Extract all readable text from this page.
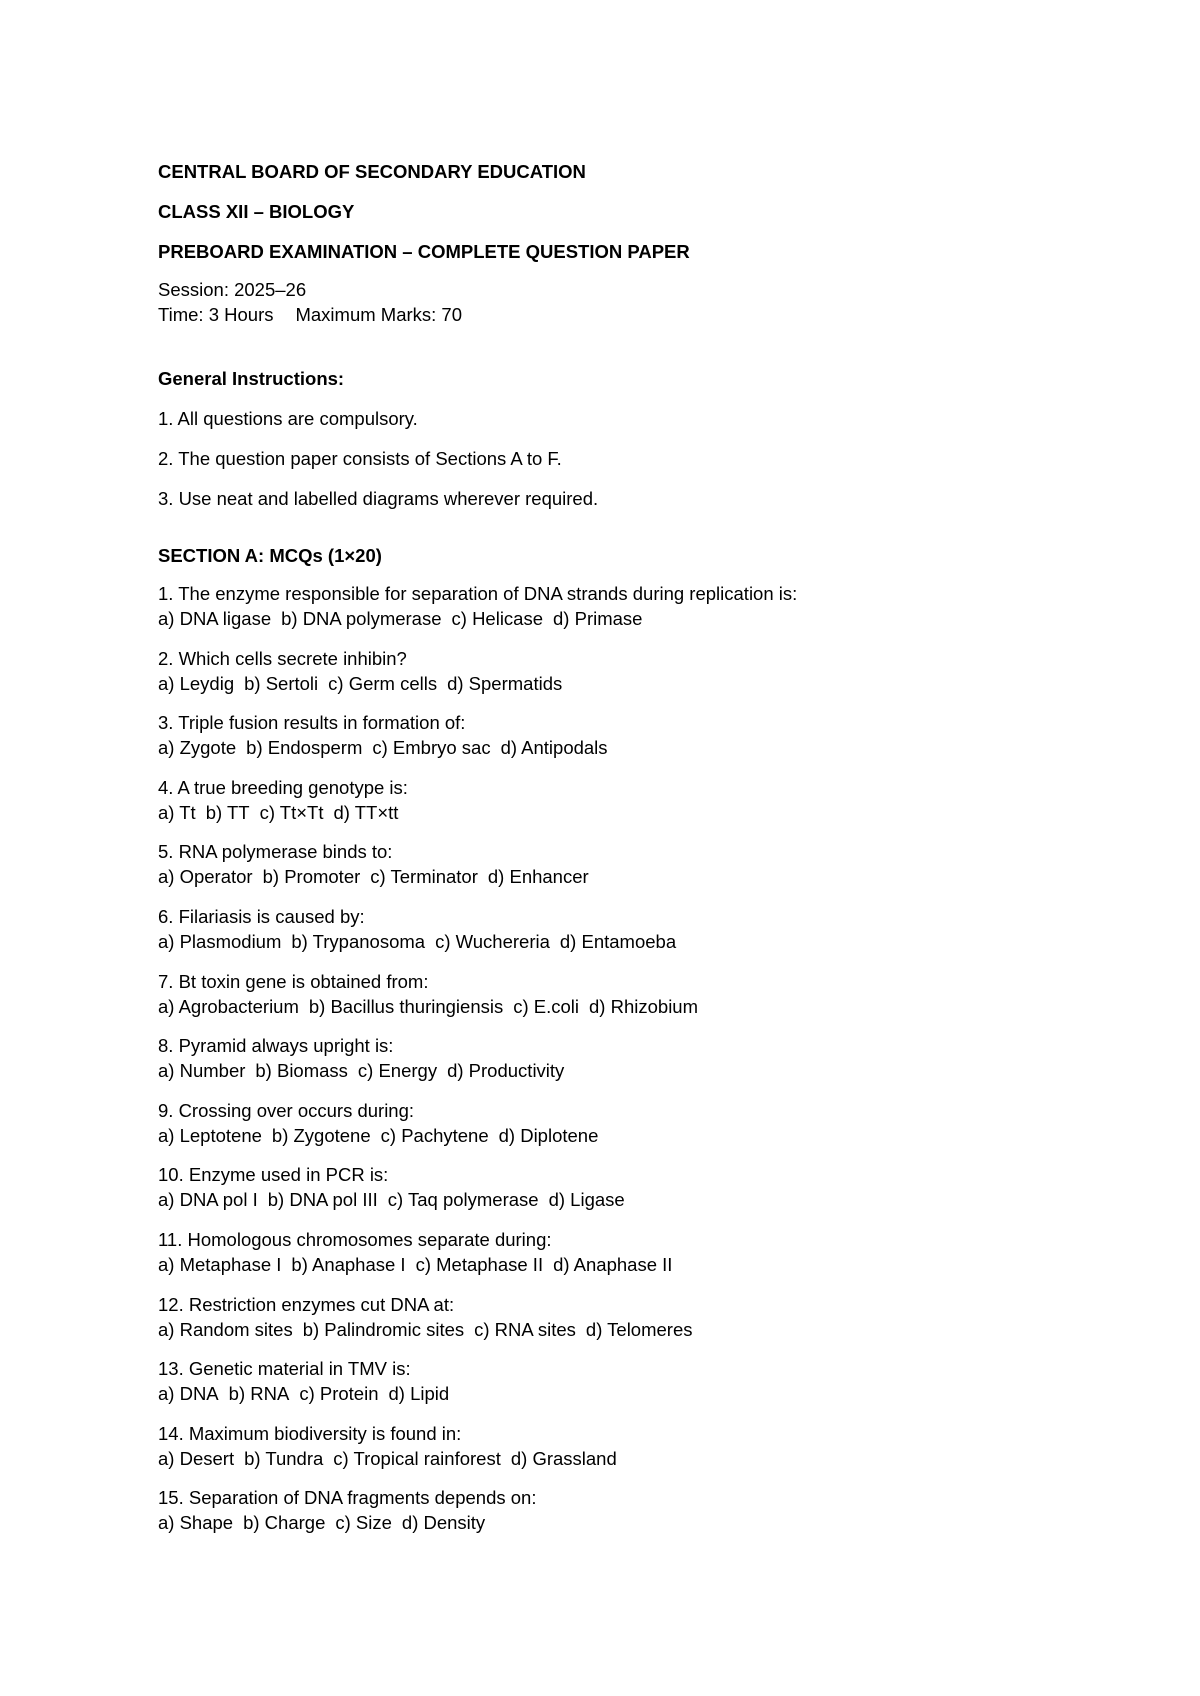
CENTRAL BOARD OF SECONDARY EDUCATION
CLASS XII – BIOLOGY
PREBOARD EXAMINATION – COMPLETE QUESTION PAPER
Session: 2025–26
Time: 3 Hours Maximum Marks: 70
General Instructions:
1. All questions are compulsory.
2. The question paper consists of Sections A to F.
3. Use neat and labelled diagrams wherever required.
SECTION A: MCQs (1×20)
1. The enzyme responsible for separation of DNA strands during replication is:
a) DNA ligase b) DNA polymerase c) Helicase d) Primase
2. Which cells secrete inhibin?
a) Leydig b) Sertoli c) Germ cells d) Spermatids
3. Triple fusion results in formation of:
a) Zygote b) Endosperm c) Embryo sac d) Antipodals
4. A true breeding genotype is:
a) Tt b) TT c) Tt×Tt d) TT×tt
5. RNA polymerase binds to:
a) Operator b) Promoter c) Terminator d) Enhancer
6. Filariasis is caused by:
a) Plasmodium b) Trypanosoma c) Wuchereria d) Entamoeba
7. Bt toxin gene is obtained from:
a) Agrobacterium b) Bacillus thuringiensis c) E.coli d) Rhizobium
8. Pyramid always upright is:
a) Number b) Biomass c) Energy d) Productivity
9. Crossing over occurs during:
a) Leptotene b) Zygotene c) Pachytene d) Diplotene
10. Enzyme used in PCR is:
a) DNA pol I b) DNA pol III c) Taq polymerase d) Ligase
11. Homologous chromosomes separate during:
a) Metaphase I b) Anaphase I c) Metaphase II d) Anaphase II
12. Restriction enzymes cut DNA at:
a) Random sites b) Palindromic sites c) RNA sites d) Telomeres
13. Genetic material in TMV is:
a) DNA b) RNA c) Protein d) Lipid
14. Maximum biodiversity is found in:
a) Desert b) Tundra c) Tropical rainforest d) Grassland
15. Separation of DNA fragments depends on:
a) Shape b) Charge c) Size d) Density
